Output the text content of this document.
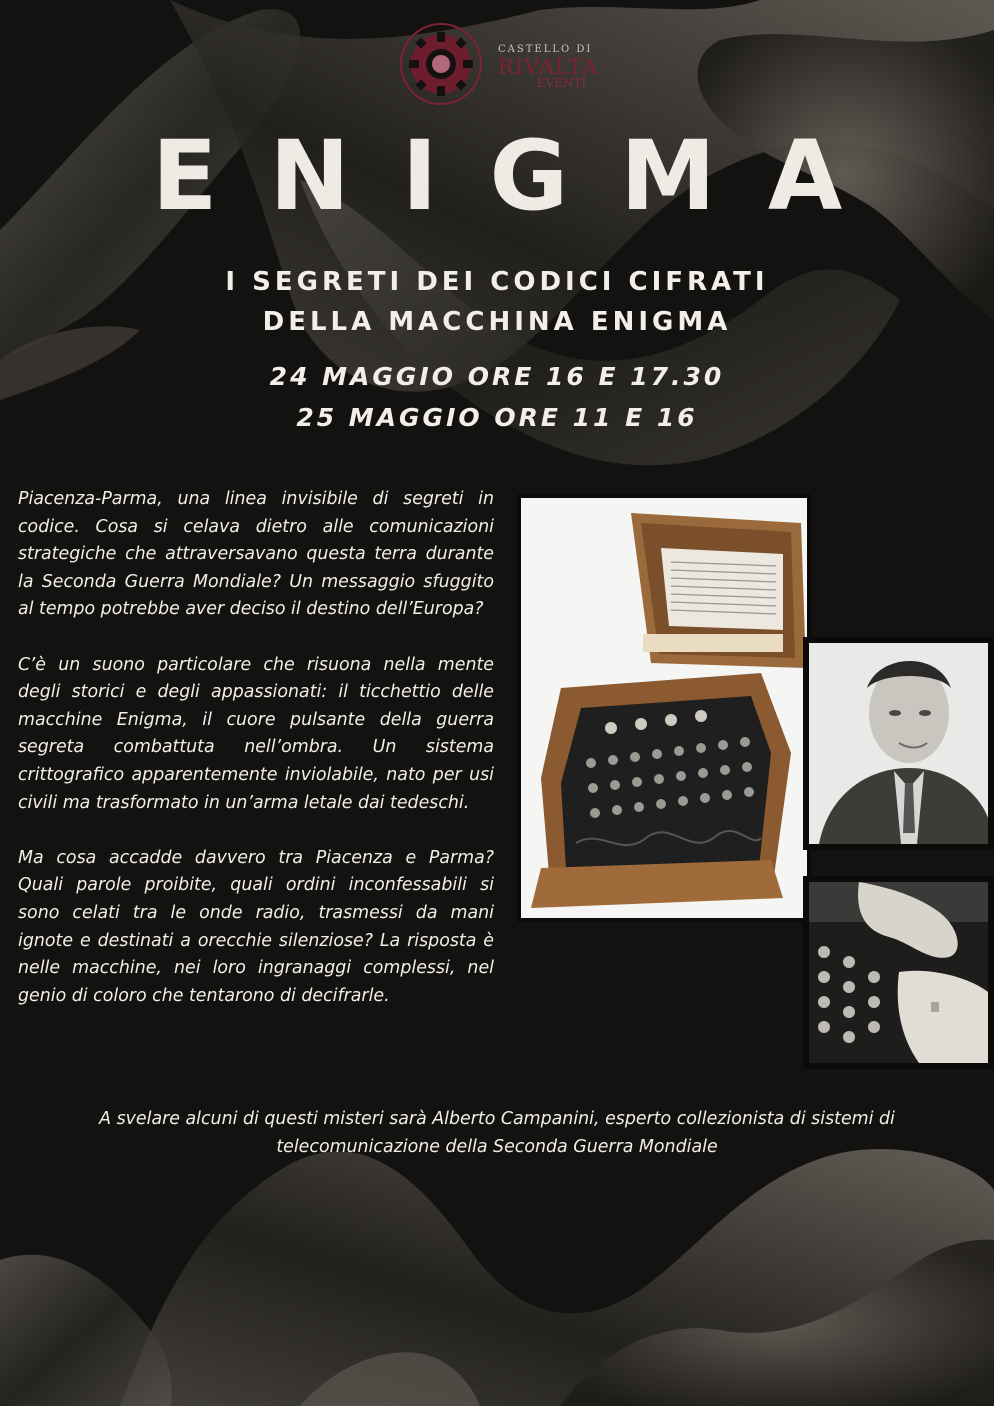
CASTELLO DI
RIVALTA
EVENTI
ENIGMA
I SEGRETI DEI CODICI CIFRATI
DELLA MACCHINA ENIGMA
24 MAGGIO ORE 16 E 17.30
25 MAGGIO ORE 11 E 16

Piacenza-Parma, una linea invisibile di segreti in codice. Cosa si celava dietro alle comunicazioni strategiche che attraversavano questa terra durante la Seconda Guerra Mondiale? Un messaggio sfuggito al tempo potrebbe aver deciso il destino dell’Europa?

C’è un suono particolare che risuona nella mente degli storici e degli appassionati: il ticchettio delle macchine Enigma, il cuore pulsante della guerra segreta combattuta nell’ombra. Un sistema crittografico apparentemente inviolabile, nato per usi civili ma trasformato in un’arma letale dai tedeschi.

Ma cosa accadde davvero tra Piacenza e Parma? Quali parole proibite, quali ordini inconfessabili si sono celati tra le onde radio, trasmessi da mani ignote e destinati a orecchie silenziose? La risposta è nelle macchine, nei loro ingranaggi complessi, nel genio di coloro che tentarono di decifrarle.

A svelare alcuni di questi misteri sarà Alberto Campanini, esperto collezionista di sistemi di
telecomunicazione della Seconda Guerra Mondiale
